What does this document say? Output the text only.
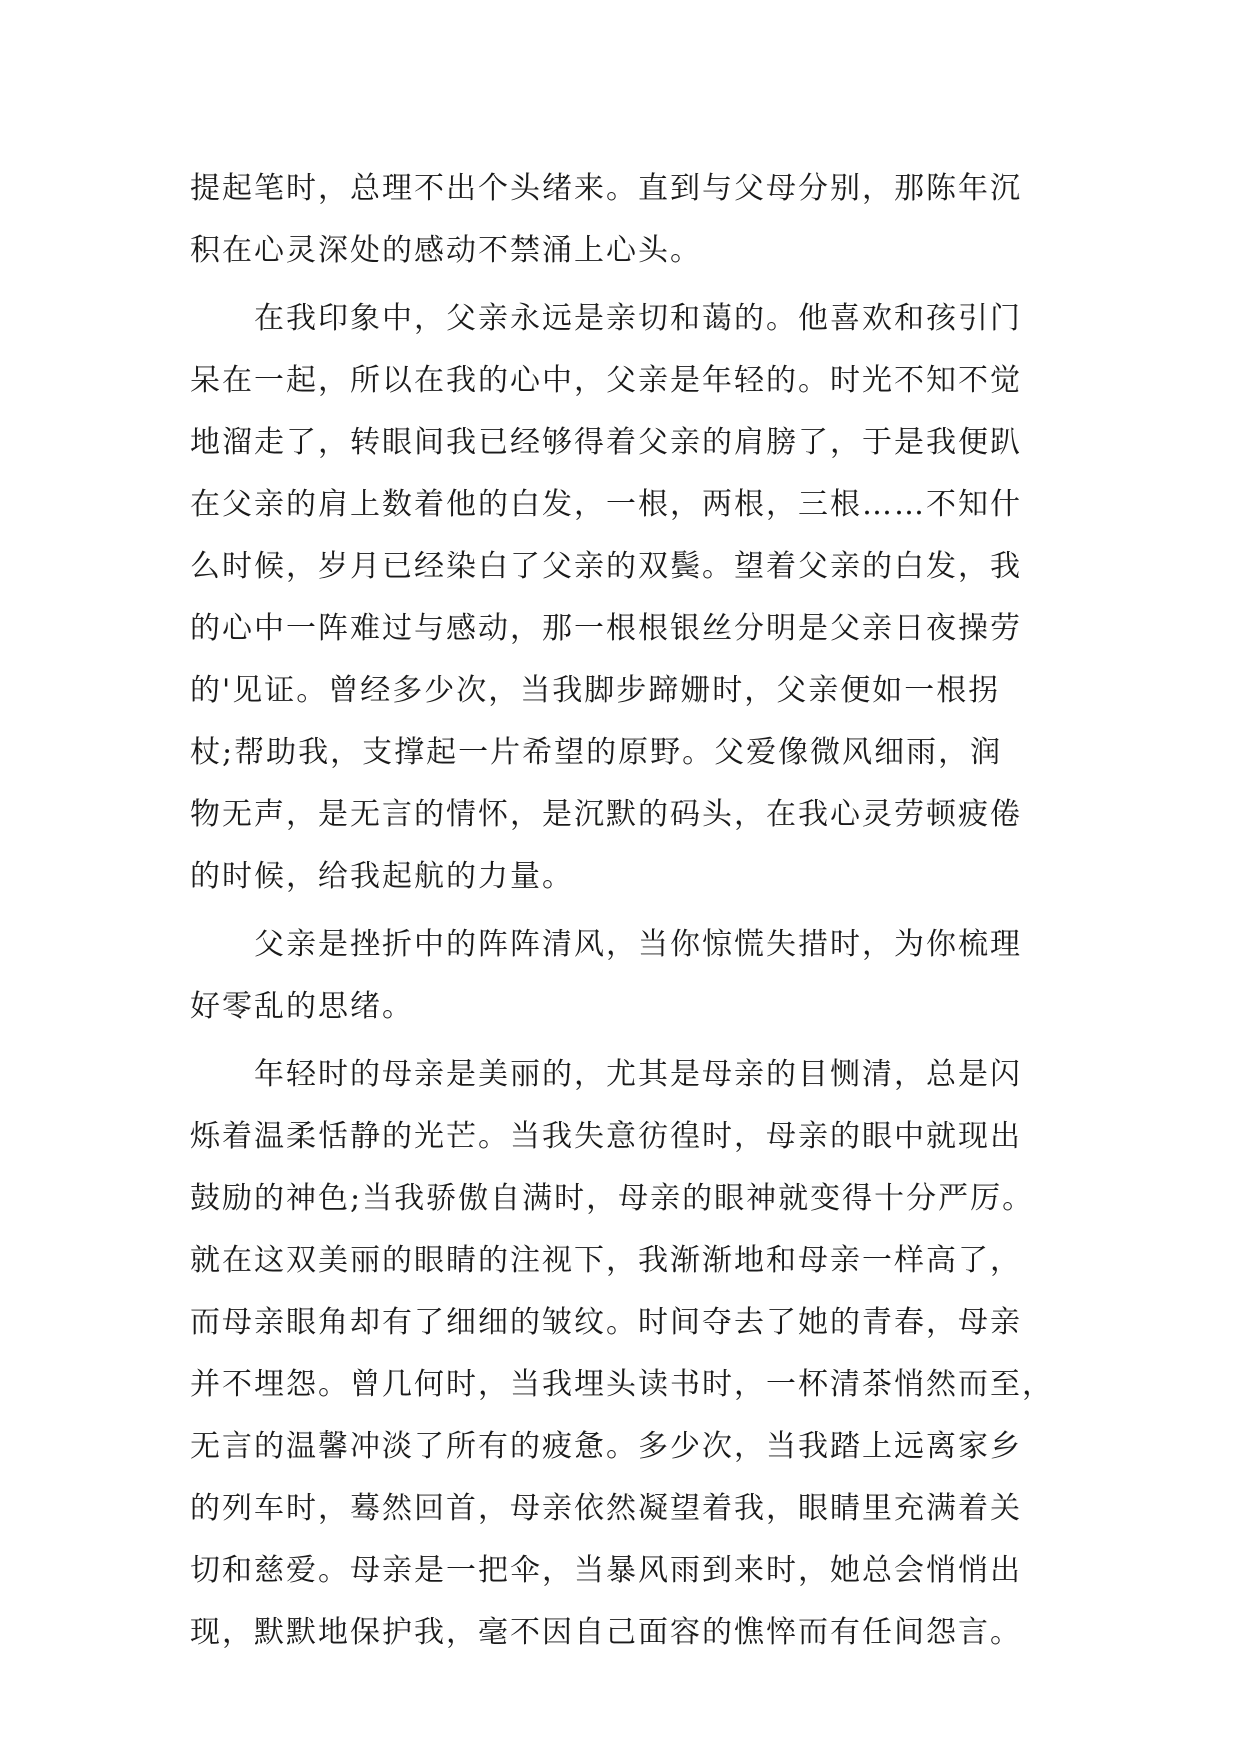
提起笔时，总理不出个头绪来。直到与父母分别，那陈年沉
积在心灵深处的感动不禁涌上心头。
在我印象中，父亲永远是亲切和蔼的。他喜欢和孩引门
呆在一起，所以在我的心中，父亲是年轻的。时光不知不觉
地溜走了，转眼间我已经够得着父亲的肩膀了，于是我便趴
在父亲的肩上数着他的白发，一根，两根，三根……不知什
么时候，岁月已经染白了父亲的双鬓。望着父亲的白发，我
的心中一阵难过与感动，那一根根银丝分明是父亲日夜操劳
的'见证。曾经多少次，当我脚步蹄姗时，父亲便如一根拐
杖;帮助我，支撑起一片希望的原野。父爱像微风细雨，润
物无声，是无言的情怀，是沉默的码头，在我心灵劳顿疲倦
的时候，给我起航的力量。
父亲是挫折中的阵阵清风，当你惊慌失措时，为你梳理
好零乱的思绪。
年轻时的母亲是美丽的，尤其是母亲的目恻清，总是闪
烁着温柔恬静的光芒。当我失意彷徨时，母亲的眼中就现出
鼓励的神色;当我骄傲自满时，母亲的眼神就变得十分严厉。
就在这双美丽的眼睛的注视下，我渐渐地和母亲一样高了，
而母亲眼角却有了细细的皱纹。时间夺去了她的青春，母亲
并不埋怨。曾几何时，当我埋头读书时，一杯清茶悄然而至，
无言的温馨冲淡了所有的疲惫。多少次，当我踏上远离家乡
的列车时，蓦然回首，母亲依然凝望着我，眼睛里充满着关
切和慈爱。母亲是一把伞，当暴风雨到来时，她总会悄悄出
现，默默地保护我，毫不因自己面容的憔悴而有任间怨言。
